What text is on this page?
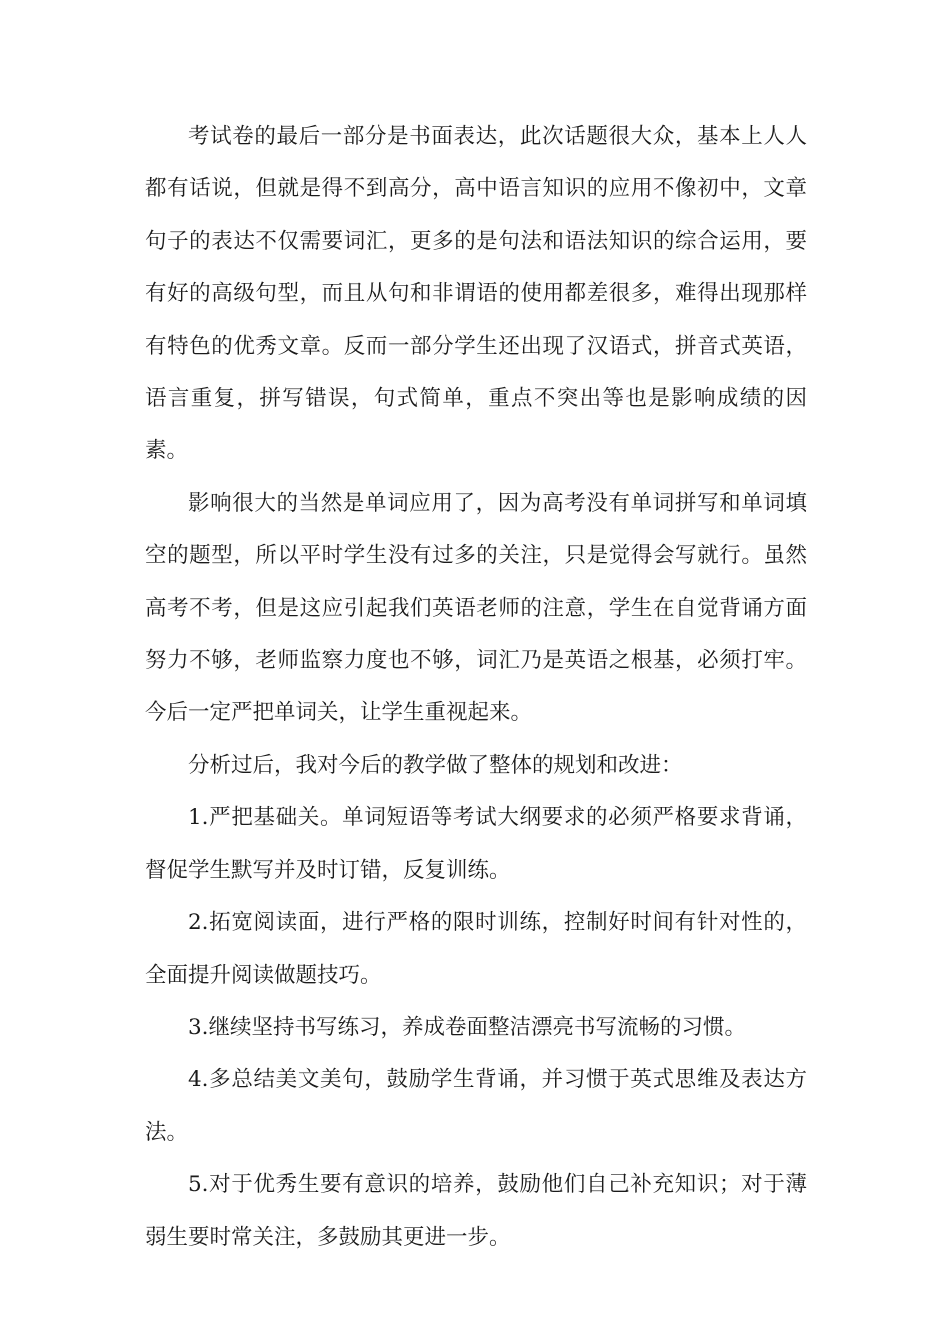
考试卷的最后一部分是书面表达，此次话题很大众，基本上人人都有话说，但就是得不到高分，高中语言知识的应用不像初中，文章句子的表达不仅需要词汇，更多的是句法和语法知识的综合运用，要有好的高级句型，而且从句和非谓语的使用都差很多，难得出现那样有特色的优秀文章。反而一部分学生还出现了汉语式，拼音式英语，语言重复，拼写错误，句式简单，重点不突出等也是影响成绩的因素。

影响很大的当然是单词应用了，因为高考没有单词拼写和单词填空的题型，所以平时学生没有过多的关注，只是觉得会写就行。虽然高考不考，但是这应引起我们英语老师的注意，学生在自觉背诵方面努力不够，老师监察力度也不够，词汇乃是英语之根基，必须打牢。今后一定严把单词关，让学生重视起来。

分析过后，我对今后的教学做了整体的规划和改进：

1.严把基础关。单词短语等考试大纲要求的必须严格要求背诵，督促学生默写并及时订错，反复训练。

2.拓宽阅读面，进行严格的限时训练，控制好时间有针对性的，全面提升阅读做题技巧。

3.继续坚持书写练习，养成卷面整洁漂亮书写流畅的习惯。

4.多总结美文美句，鼓励学生背诵，并习惯于英式思维及表达方法。

5.对于优秀生要有意识的培养，鼓励他们自己补充知识；对于薄弱生要时常关注，多鼓励其更进一步。
